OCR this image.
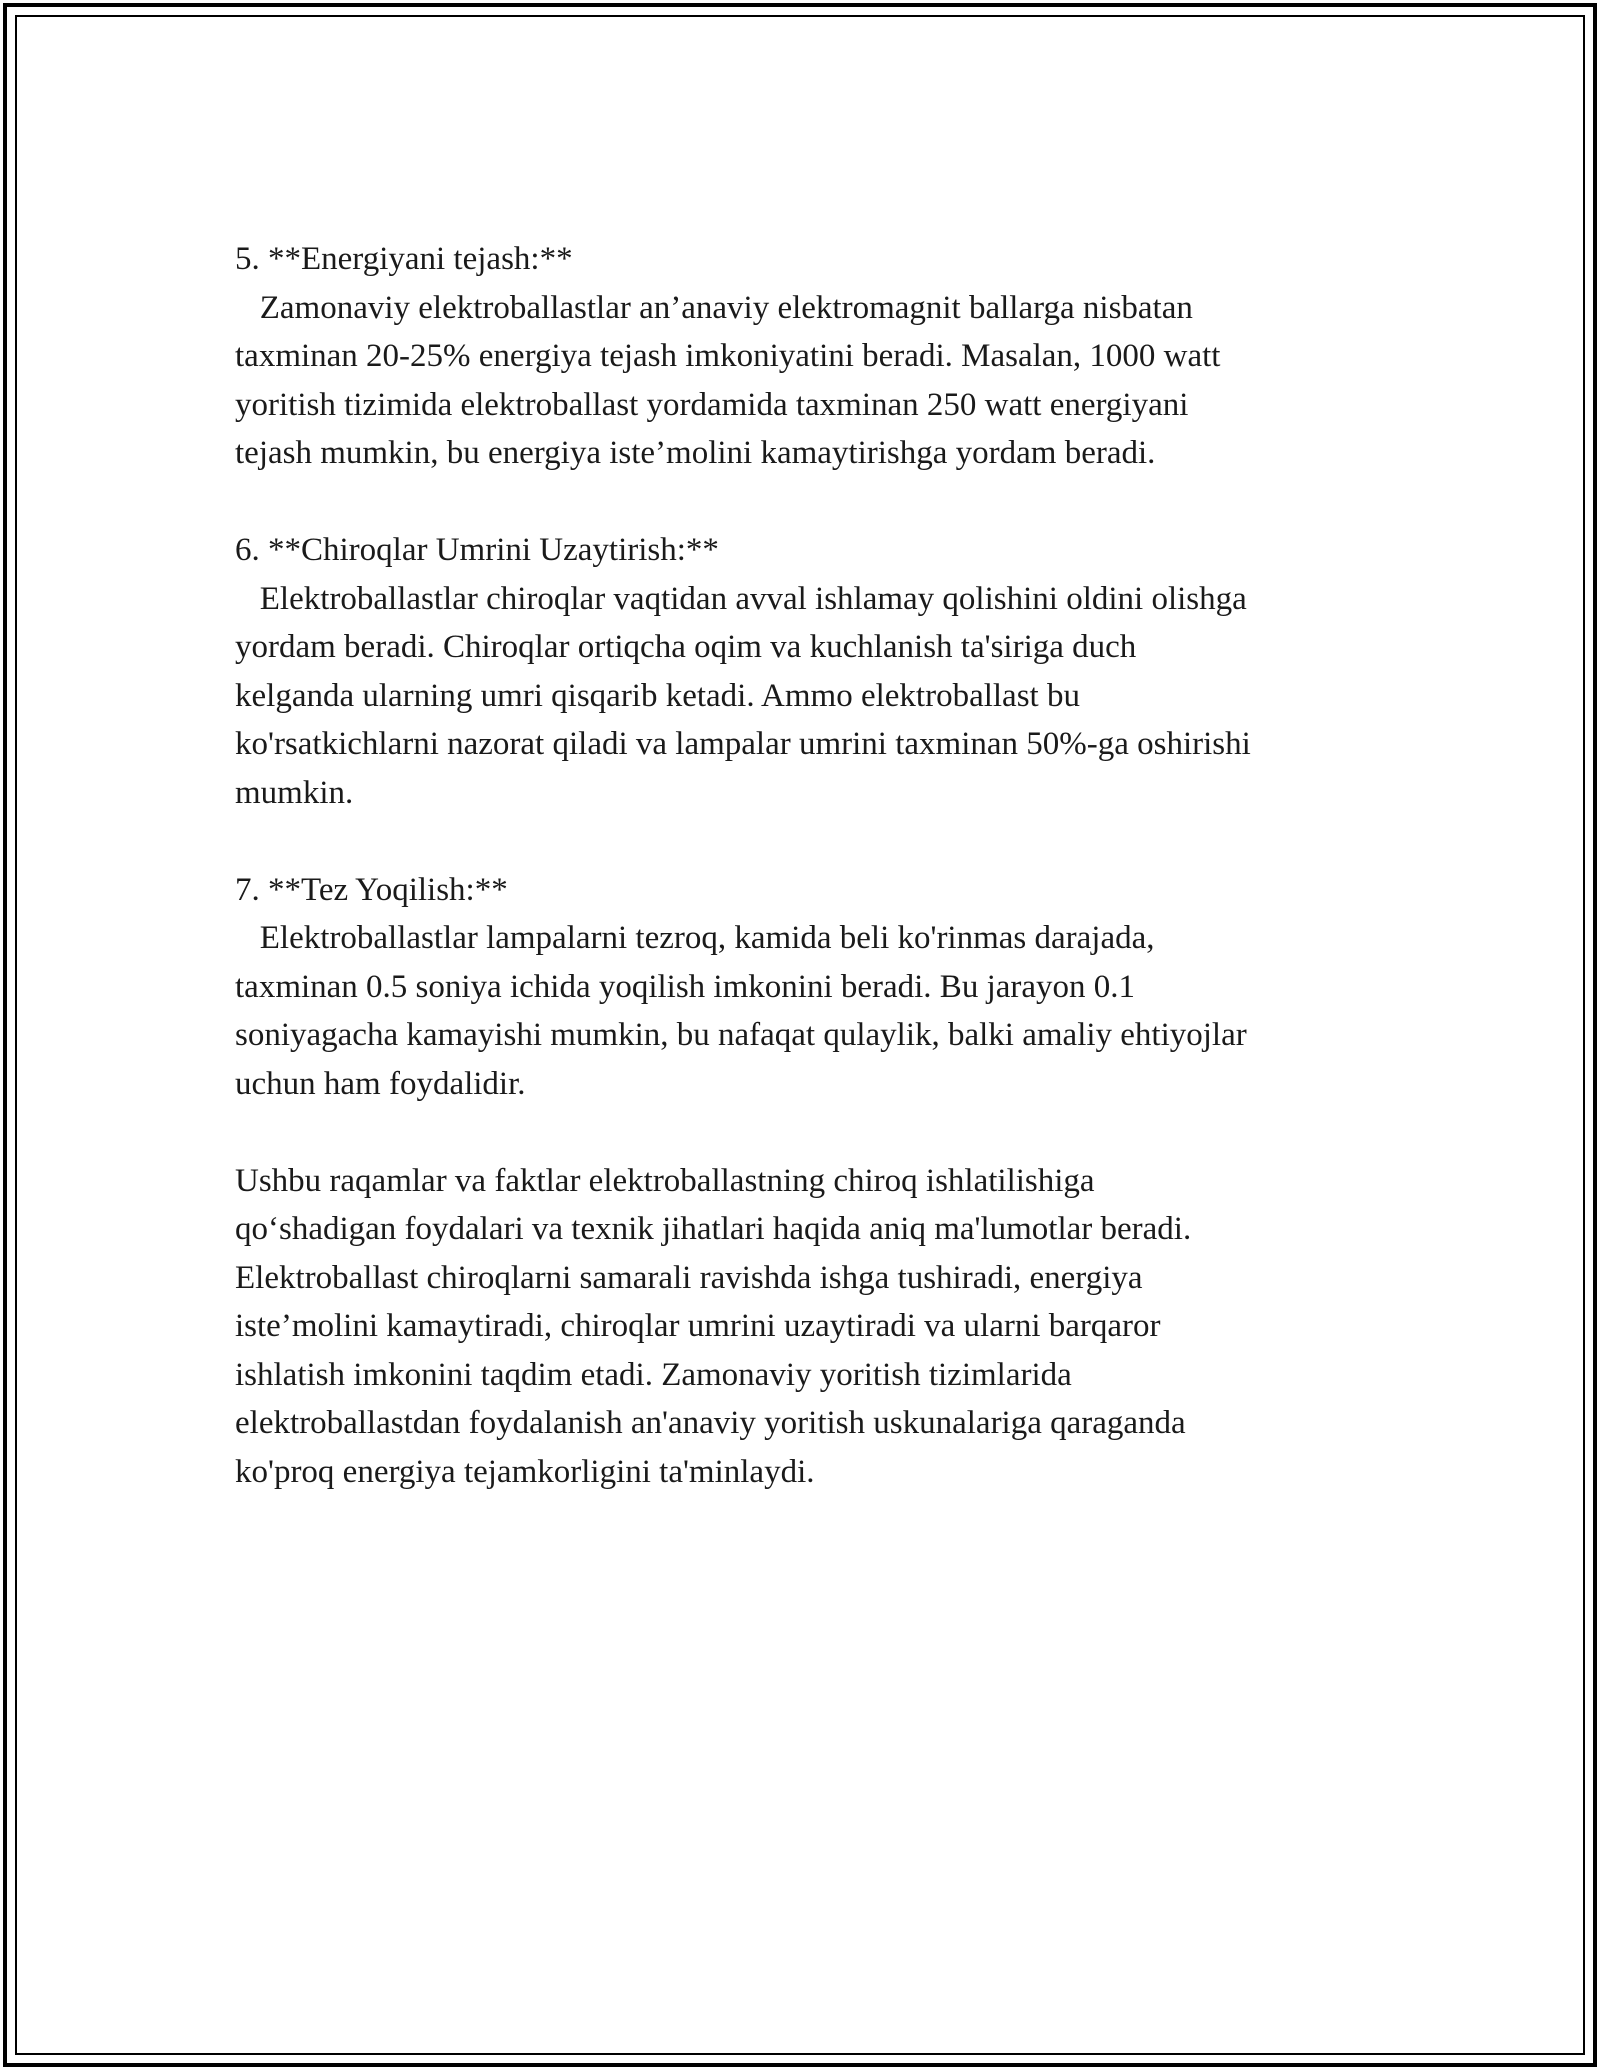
5. **Energiyani tejash:**
Zamonaviy elektroballastlar an’anaviy elektromagnit ballarga nisbatan
taxminan 20-25% energiya tejash imkoniyatini beradi. Masalan, 1000 watt
yoritish tizimida elektroballast yordamida taxminan 250 watt energiyani
tejash mumkin, bu energiya iste’molini kamaytirishga yordam beradi.
6. **Chiroqlar Umrini Uzaytirish:**
Elektroballastlar chiroqlar vaqtidan avval ishlamay qolishini oldini olishga
yordam beradi. Chiroqlar ortiqcha oqim va kuchlanish ta'siriga duch
kelganda ularning umri qisqarib ketadi. Ammo elektroballast bu
ko'rsatkichlarni nazorat qiladi va lampalar umrini taxminan 50%-ga oshirishi
mumkin.
7. **Tez Yoqilish:**
Elektroballastlar lampalarni tezroq, kamida beli ko'rinmas darajada,
taxminan 0.5 soniya ichida yoqilish imkonini beradi. Bu jarayon 0.1
soniyagacha kamayishi mumkin, bu nafaqat qulaylik, balki amaliy ehtiyojlar
uchun ham foydalidir.

Ushbu raqamlar va faktlar elektroballastning chiroq ishlatilishiga
qo‘shadigan foydalari va texnik jihatlari haqida aniq ma'lumotlar beradi.
Elektroballast chiroqlarni samarali ravishda ishga tushiradi, energiya
iste’molini kamaytiradi, chiroqlar umrini uzaytiradi va ularni barqaror
ishlatish imkonini taqdim etadi. Zamonaviy yoritish tizimlarida
elektroballastdan foydalanish an'anaviy yoritish uskunalariga qaraganda
ko'proq energiya tejamkorligini ta'minlaydi.
